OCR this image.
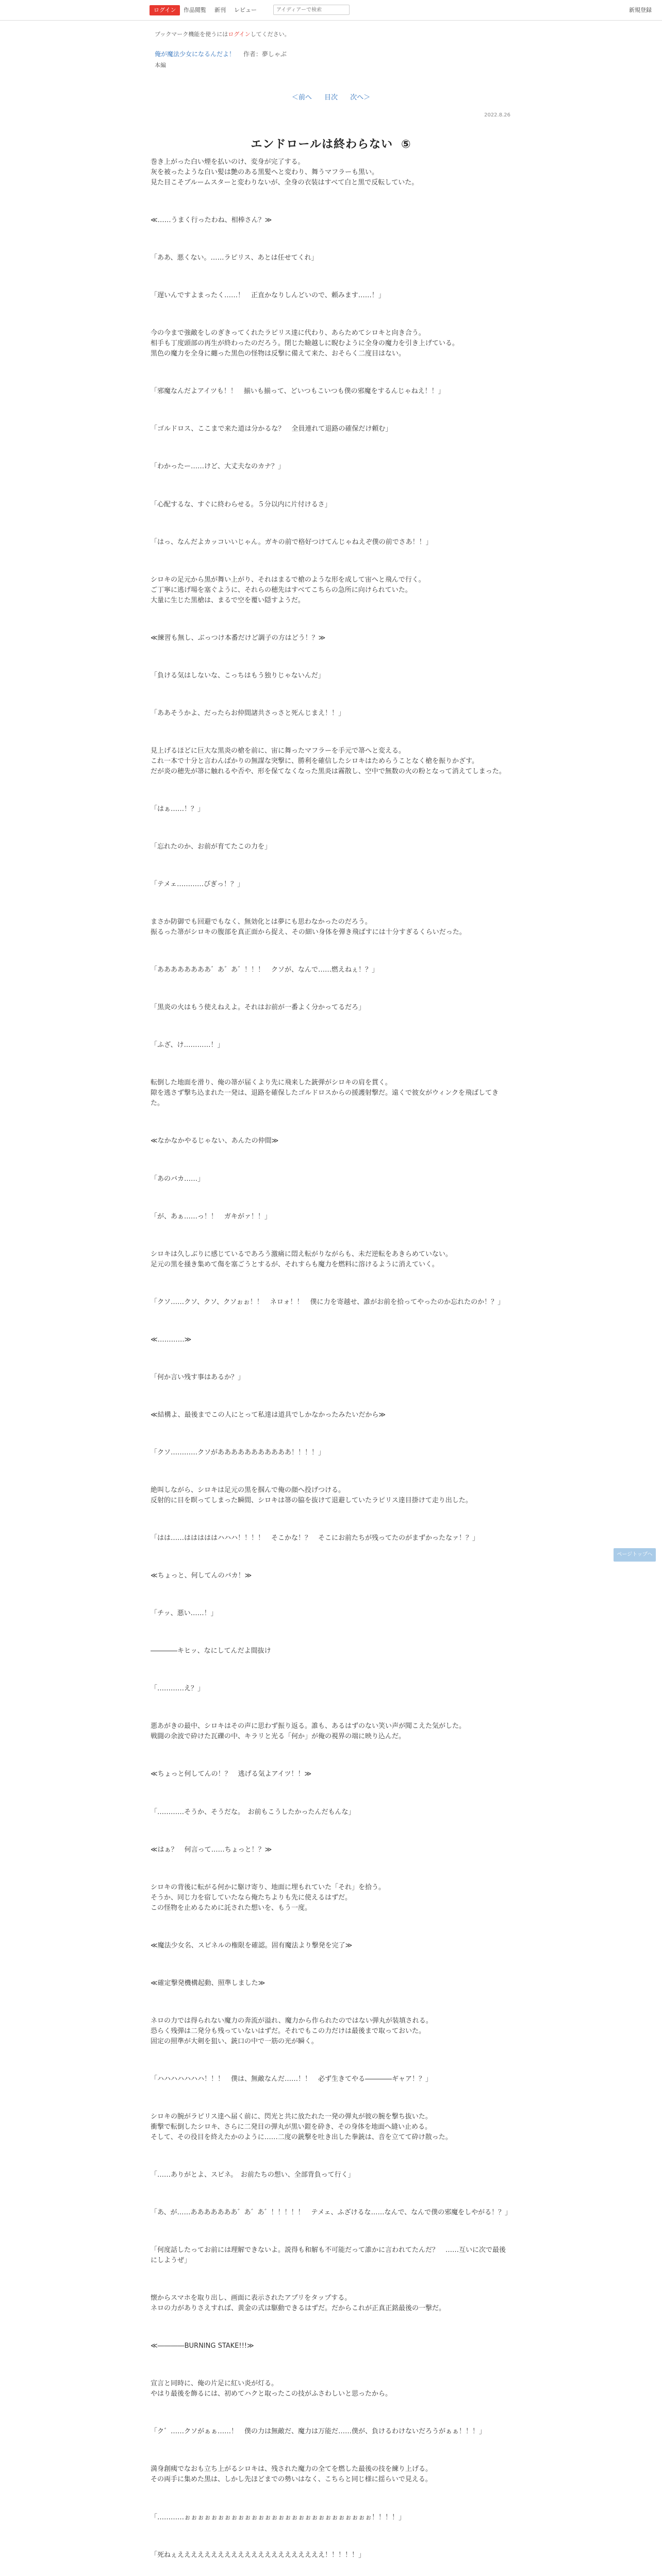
ログイン	作品閲覧 新刊 レビュー
アイディアーで検索	新規登録
ブックマーク機能を使うにはログインしてください。
俺が魔法少女になるんだよ！ 作者：夢しゃぶ
本編
＜前へ 目次 次へ＞
2022.8.26
エンドロールは終わらない ⑤

巻き上がった白い煙を払いのけ、変身が完了する。
灰を被ったような白い髪は艶のある黒髪へと変わり、舞うマフラーも黒い。
見た目こそブルームスターと変わりないが、全身の衣装はすべて白と黒で反転していた。

≪……うまく行ったわね、相棒さん？≫

「ああ、悪くない。……ラピリス、あとは任せてくれ」

「遅いんですよまったく……！　正直かなりしんどいので、頼みます……！」

今の今まで強敵をしのぎきってくれたラピリス達に代わり、あらためてシロキと向き合う。
相手も丁度頭部の再生が終わったのだろう。閉じた瞼越しに睨むように全身の魔力を引き上げている。
黒色の魔力を全身に纏った黒色の怪物は反撃に備えて来た、おそらく二度目はない。

「邪魔なんだよアイツも！！　揃いも揃って、どいつもこいつも僕の邪魔をするんじゃねえ！！」

「ゴルドロス、ここまで来た道は分かるな？　全員連れて退路の確保だけ頼む」

「わかったー……けど、大丈夫なのカナ？」

「心配するな、すぐに終わらせる。５分以内に片付けるさ」

「はっ、なんだよカッコいいじゃん。ガキの前で格好つけてんじゃねえぞ僕の前でさあ！！」

シロキの足元から黒が舞い上がり、それはまるで槍のような形を成して宙へと飛んで行く。
ご丁寧に逃げ場を塞ぐように、それらの穂先はすべてこちらの急所に向けられていた。
大量に生じた黒槍は、まるで空を覆い隠すようだ。

≪練習も無し、ぶっつけ本番だけど調子の方はどう！？≫

「負ける気はしないな、こっちはもう独りじゃないんだ」

「ああそうかよ、だったらお仲間諸共さっさと死んじまえ！！」

見上げるほどに巨大な黒炎の槍を前に、宙に舞ったマフラーを手元で箒へと変える。
これ一本で十分と言わんばかりの無謀な突撃に、勝利を確信したシロキはためらうことなく槍を振りかざす。
だが炎の穂先が箒に触れるや否や、形を保てなくなった黒炎は霧散し、空中で無数の火の粉となって消えてしまった。

「はぁ……！？」

「忘れたのか、お前が育てたこの力を」

「テメェ…………ぴぎっ！？」

まさか防御でも回避でもなく、無効化とは夢にも思わなかったのだろう。
振るった箒がシロキの腹部を真正面から捉え、その細い身体を弾き飛ばすには十分すぎるくらいだった。

「ああああああああ゛あ゛あ゛！！！　クソが、なんで……燃えねぇ！？」

「黒炎の火はもう使えねえよ。それはお前が一番よく分かってるだろ」

「ふざ、け…………！」

転倒した地面を滑り、俺の箒が届くより先に飛来した銃弾がシロキの肩を貫く。
隙を逃さず撃ち込まれた一発は、退路を確保したゴルドロスからの援護射撃だ。遠くで彼女がウィンクを飛ばしてきた。

≪なかなかやるじゃない、あんたの仲間≫

「あのバカ……」

「が、あぁ……っ！！　ガキがァ！！」

シロキは久しぶりに感じているであろう激痛に悶え転がりながらも、未だ逆転をあきらめていない。
足元の黒を掻き集めて傷を塞ごうとするが、それすらも魔力を燃料に溶けるように消えていく。

「クソ……クソ、クソ、クソぉぉ！！　ネロォ！！　僕に力を寄越せ、誰がお前を拾ってやったのか忘れたのか！？」

≪…………≫

「何か言い残す事はあるか？」

≪結構よ、最後までこの人にとって私達は道具でしかなかったみたいだから≫

「クソ…………クソがあああああああああああ！！！！」

絶叫しながら、シロキは足元の黒を掴んで俺の顔へ投げつける。
反射的に目を瞑ってしまった瞬間、シロキは箒の脇を抜けて退避していたラピリス達目掛けて走り出した。

「はは……はははははハハハ！！！！　そこかな！？　そこにお前たちが残ってたのがまずかったなァ！？」

≪ちょっと、何してんのバカ！≫

「チッ、悪い……！」

――――キヒッ、なにしてんだよ間抜け

「…………え？」

悪あがきの最中、シロキはその声に思わず振り返る。誰も、あるはずのない笑い声が聞こえた気がした。
戦闘の余波で砕けた瓦礫の中、キラリと光る「何か」が俺の視界の端に映り込んだ。

≪ちょっと何してんの！？　逃げる気よアイツ！！≫

「…………そうか、そうだな。　お前もこうしたかったんだもんな」

≪はぁ？　何言って……ちょっと！？≫

シロキの背後に転がる何かに駆け寄り、地面に埋もれていた「それ」を拾う。
そうか、同じ力を宿していたなら俺たちよりも先に使えるはずだ。
この怪物を止めるために託された想いを、もう一度。

≪魔法少女名、スピネルの権限を確認。固有魔法より撃発を完了≫

≪確定撃発機構起動、照準しました≫

ネロの力では得られない魔力の奔流が溢れ、魔力から作られたのではない弾丸が装填される。
恐らく残弾は二発分も残っていないはずだ。それでもこの力だけは最後まで取っておいた。
固定の照準が大剣を狙い、銃口の中で一筋の光が瞬く。

「ハハハハハハハ！！！　僕は、無敵なんだ……！！　必ず生きてやる――――ギャア！？」

シロキの腕がラピリス達へ届く前に、閃光と共に放たれた一発の弾丸が彼の腕を撃ち抜いた。
衝撃で転倒したシロキ、さらに二発目の弾丸が黒い鎧を砕き、その身体を地面へ縫い止める。
そして、その役目を終えたかのように……二度の銃撃を吐き出した拳銃は、音を立てて砕け散った。

「……ありがとよ、スピネ。　お前たちの想い、全部背負って行く」

「あ、が……あああああああ゛あ゛あ゛！！！！！　テメェ、ふざけるな……なんで、なんで僕の邪魔をしやがる！？」

「何度話したってお前には理解できないよ。説得も和解も不可能だって誰かに言われてたんだ？　……互いに次で最後にしようぜ」

懐からスマホを取り出し、画面に表示されたアプリをタップする。
ネロの力がありさえすれば、黄金の式は駆動できるはずだ。だからこれが正真正銘最後の一撃だ。

≪――――BURNING STAKE!!!≫

宣言と同時に、俺の片足に紅い炎が灯る。
やはり最後を飾るには、初めてハクと取ったこの技がふさわしいと思ったから。

「ク゛……クソがぁぁ……！　僕の力は無敵だ、魔力は万能だ……僕が、負けるわけないだろうがぁぁ！！！」

満身創痍でなおも立ち上がるシロキは、残された魔力の全てを燃した最後の技を練り上げる。
その両手に集めた黒は、しかし先ほどまでの勢いはなく、こちらと同じ様に揺らいで見える。

「…………ぉぉぉぉぉぉぉぉぉぉぉぉぉぉぉぉぉぉぉぉぉぉぉぉぉぉぉぉ！！！！」

「死ねぇええええええええええええええええええええええ！！！！！」

ページトップへ
